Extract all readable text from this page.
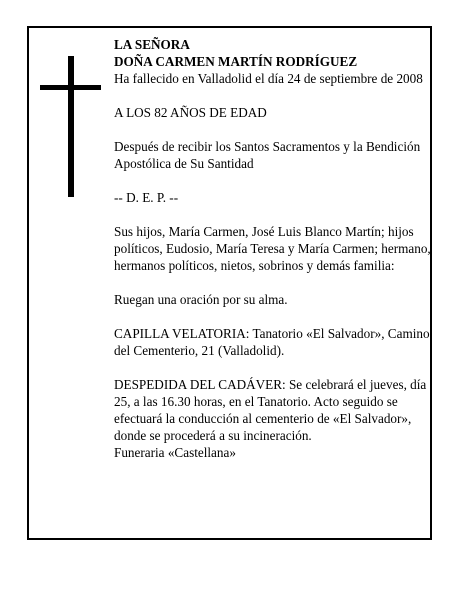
LA SEÑORA

DOÑA CARMEN MARTÍN RODRÍGUEZ

Ha fallecido en Valladolid el día 24 de septiembre de 2008

A LOS 82 AÑOS DE EDAD

Después de recibir los Santos Sacramentos y la Bendición Apostólica de Su Santidad

-- D. E. P. --

Sus hijos, María Carmen, José Luis Blanco Martín; hijos políticos, Eudosio, María Teresa y María Carmen; hermano, hermanos políticos, nietos, sobrinos y demás familia:

Ruegan una oración por su alma.

CAPILLA VELATORIA: Tanatorio «El Salvador», Camino del Cementerio, 21 (Valladolid).

DESPEDIDA DEL CADÁVER: Se celebrará el jueves, día 25, a las 16.30 horas, en el Tanatorio. Acto seguido se efectuará la conducción al cementerio de «El Salvador», donde se procederá a su incineración.

Funeraria «Castellana»
